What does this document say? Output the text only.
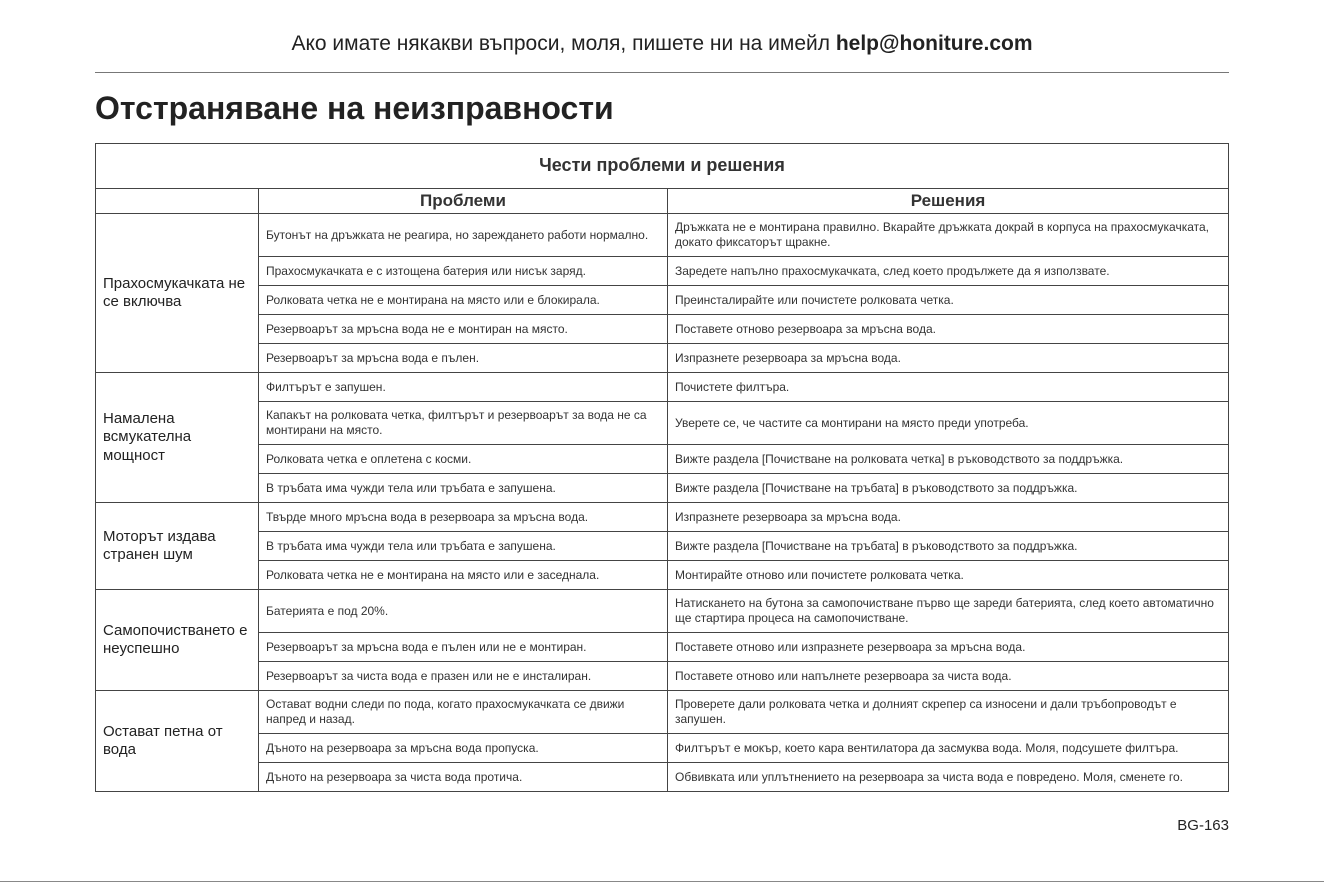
Ако имате някакви въпроси, моля, пишете ни на имейл help@honiture.com
Отстраняване на неизправности
Чести проблеми и решения		
	Проблеми	Решения
Прахосмукачката не се включва	Бутонът на дръжката не реагира, но зареждането работи нормално.	Дръжката не е монтирана правилно. Вкарайте дръжката докрай в корпуса на прахосмукачката, докато фиксаторът щракне.
	Прахосмукачката е с изтощена батерия или нисък заряд.	Заредете напълно прахосмукачката, след което продължете да я използвате.
	Ролковата четка не е монтирана на място или е блокирала.	Преинсталирайте или почистете ролковата четка.
	Резервоарът за мръсна вода не е монтиран на място.	Поставете отново резервоара за мръсна вода.
	Резервоарът за мръсна вода е пълен.	Изпразнете резервоара за мръсна вода.
Намалена всмукателна мощност	Филтърът е запушен.	Почистете филтъра.
	Капакът на ролковата четка, филтърът и резервоарът за вода не са монтирани на място.	Уверете се, че частите са монтирани на място преди употреба.
	Ролковата четка е оплетена с косми.	Вижте раздела [Почистване на ролковата четка] в ръководството за поддръжка.
	В тръбата има чужди тела или тръбата е запушена.	Вижте раздела [Почистване на тръбата] в ръководството за поддръжка.
Моторът издава странен шум	Твърде много мръсна вода в резервоара за мръсна вода.	Изпразнете резервоара за мръсна вода.
	В тръбата има чужди тела или тръбата е запушена.	Вижте раздела [Почистване на тръбата] в ръководството за поддръжка.
	Ролковата четка не е монтирана на място или е заседнала.	Монтирайте отново или почистете ролковата четка.
Самопочистването е неуспешно	Батерията е под 20%.	Натискането на бутона за самопочистване първо ще зареди батерията, след което автоматично ще стартира процеса на самопочистване.
	Резервоарът за мръсна вода е пълен или не е монтиран.	Поставете отново или изпразнете резервоара за мръсна вода.
	Резервоарът за чиста вода е празен или не е инсталиран.	Поставете отново или напълнете резервоара за чиста вода.
Остават петна от вода	Остават водни следи по пода, когато прахосмукачката се движи напред и назад.	Проверете дали ролковата четка и долният скрепер са износени и дали тръбопроводът е запушен.
	Дъното на резервоара за мръсна вода пропуска.	Филтърът е мокър, което кара вентилатора да засмуква вода. Моля, подсушете филтъра.
	Дъното на резервоара за чиста вода протича.	Обвивката или уплътнението на резервоара за чиста вода е повредено. Моля, сменете го.
BG-163
